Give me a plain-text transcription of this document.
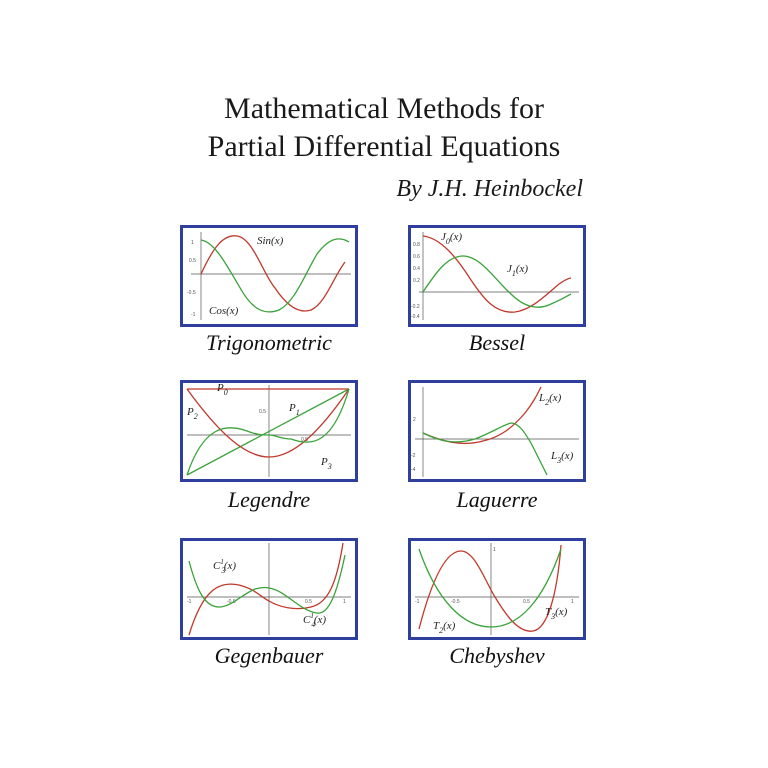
Mathematical Methods for
Partial Differential Equations
By J.H. Heinbockel
1
0.5
-0.5
-1
Sin(x)
Cos(x)
Trigonometric
0.8
0.6
0.4
0.2
-0.2
-0.4
$J_0(x)$
$J_1(x)$
Bessel
0.5
0.5
$P_0$
$P_1$
$P_2$
$P_3$
Legendre
2
-2
-4
$L_2(x)$
$L_3(x)$
Laguerre
-1	-0.5	0.5	1
$C_31(x)$
$C_41(x)$
Gegenbauer
-1	-0.5	0.5	1
1
$T_2(x)$
$T_3(x)$
Chebyshev
